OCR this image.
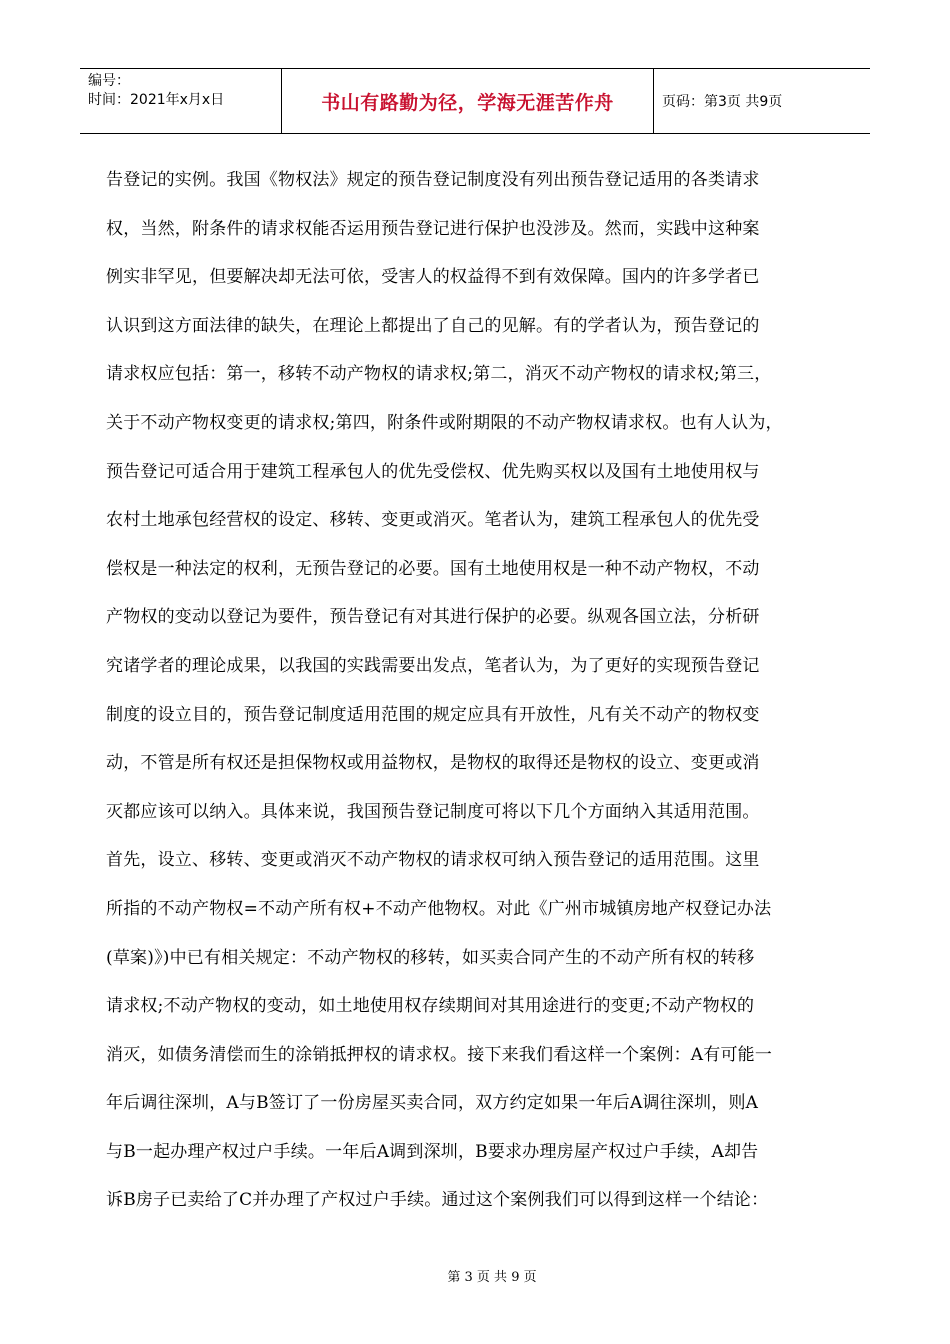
编号：
时间：2021年x月x日	书山有路勤为径，学海无涯苦作舟	页码：第3页 共9页
告登记的实例。我国《物权法》规定的预告登记制度没有列出预告登记适用的各类请求
权，当然，附条件的请求权能否运用预告登记进行保护也没涉及。然而，实践中这种案
例实非罕见，但要解决却无法可依，受害人的权益得不到有效保障。国内的许多学者已
认识到这方面法律的缺失，在理论上都提出了自己的见解。有的学者认为，预告登记的
请求权应包括：第一，移转不动产物权的请求权;第二，消灭不动产物权的请求权;第三，
关于不动产物权变更的请求权;第四，附条件或附期限的不动产物权请求权。也有人认为，
预告登记可适合用于建筑工程承包人的优先受偿权、优先购买权以及国有土地使用权与
农村土地承包经营权的设定、移转、变更或消灭。笔者认为，建筑工程承包人的优先受
偿权是一种法定的权利，无预告登记的必要。国有土地使用权是一种不动产物权，不动
产物权的变动以登记为要件，预告登记有对其进行保护的必要。纵观各国立法，分析研
究诸学者的理论成果，以我国的实践需要出发点，笔者认为，为了更好的实现预告登记
制度的设立目的，预告登记制度适用范围的规定应具有开放性，凡有关不动产的物权变
动，不管是所有权还是担保物权或用益物权，是物权的取得还是物权的设立、变更或消
灭都应该可以纳入。具体来说，我国预告登记制度可将以下几个方面纳入其适用范围。
首先，设立、移转、变更或消灭不动产物权的请求权可纳入预告登记的适用范围。这里
所指的不动产物权=不动产所有权+不动产他物权。对此《广州市城镇房地产权登记办法
(草案)》)中已有相关规定：不动产物权的移转，如买卖合同产生的不动产所有权的转移
请求权;不动产物权的变动，如土地使用权存续期间对其用途进行的变更;不动产物权的
消灭，如债务清偿而生的涂销抵押权的请求权。接下来我们看这样一个案例：A有可能一
年后调往深圳，A与B签订了一份房屋买卖合同，双方约定如果一年后A调往深圳，则A
与B一起办理产权过户手续。一年后A调到深圳，B要求办理房屋产权过户手续，A却告
诉B房子已卖给了C并办理了产权过户手续。通过这个案例我们可以得到这样一个结论：
第 3 页 共 9 页
